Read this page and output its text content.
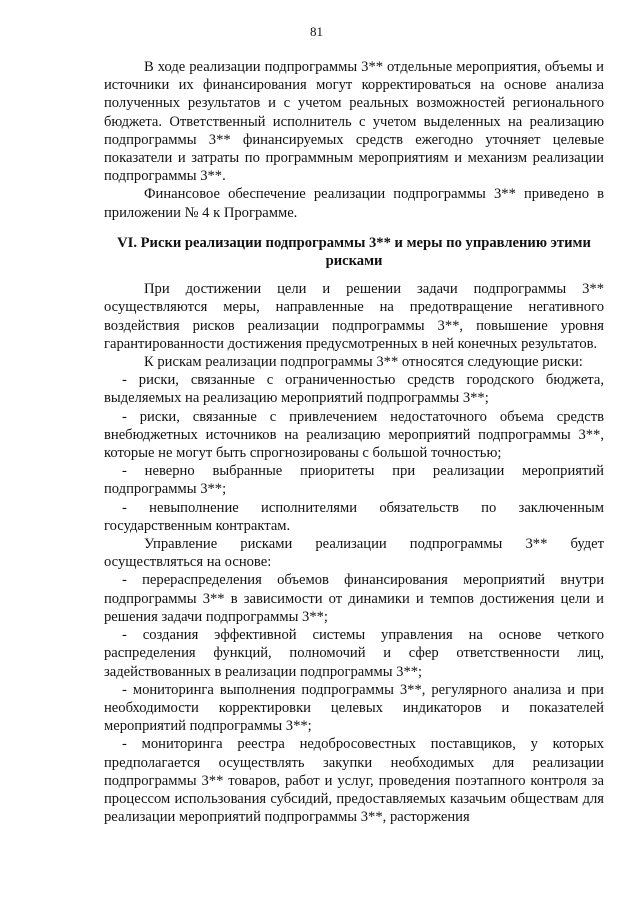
81

В ходе реализации подпрограммы 3** отдельные мероприятия, объемы и источники их финансирования могут корректироваться на основе анализа полученных результатов и с учетом реальных возможностей регионального бюджета. Ответственный исполнитель с учетом выделенных на реализацию подпрограммы 3** финансируемых средств ежегодно уточняет целевые показатели и затраты по программным мероприятиям и механизм реализации подпрограммы 3**.

Финансовое обеспечение реализации подпрограммы 3** приведено в приложении № 4 к Программе.

VI. Риски реализации подпрограммы 3** и меры по управлению этими рисками

При достижении цели и решении задачи подпрограммы 3** осуществляются меры, направленные на предотвращение негативного воздействия рисков реализации подпрограммы 3**, повышение уровня гарантированности достижения предусмотренных в ней конечных результатов.

К рискам реализации подпрограммы 3** относятся следующие риски:

- риски, связанные с ограниченностью средств городского бюджета, выделяемых на реализацию мероприятий подпрограммы 3**;

- риски, связанные с привлечением недостаточного объема средств внебюджетных источников на реализацию мероприятий подпрограммы 3**, которые не могут быть спрогнозированы с большой точностью;

- неверно выбранные приоритеты при реализации мероприятий подпрограммы 3**;

- невыполнение исполнителями обязательств по заключенным государственным контрактам.

Управление рисками реализации подпрограммы 3** будет осуществляться на основе:

- перераспределения объемов финансирования мероприятий внутри подпрограммы 3** в зависимости от динамики и темпов достижения цели и решения задачи подпрограммы 3**;

- создания эффективной системы управления на основе четкого распределения функций, полномочий и сфер ответственности лиц, задействованных в реализации подпрограммы 3**;

- мониторинга выполнения подпрограммы 3**, регулярного анализа и при необходимости корректировки целевых индикаторов и показателей мероприятий подпрограммы 3**;

- мониторинга реестра недобросовестных поставщиков, у которых предполагается осуществлять закупки необходимых для реализации подпрограммы 3** товаров, работ и услуг, проведения поэтапного контроля за процессом использования субсидий, предоставляемых казачьим обществам для реализации мероприятий подпрограммы 3**, расторжения
